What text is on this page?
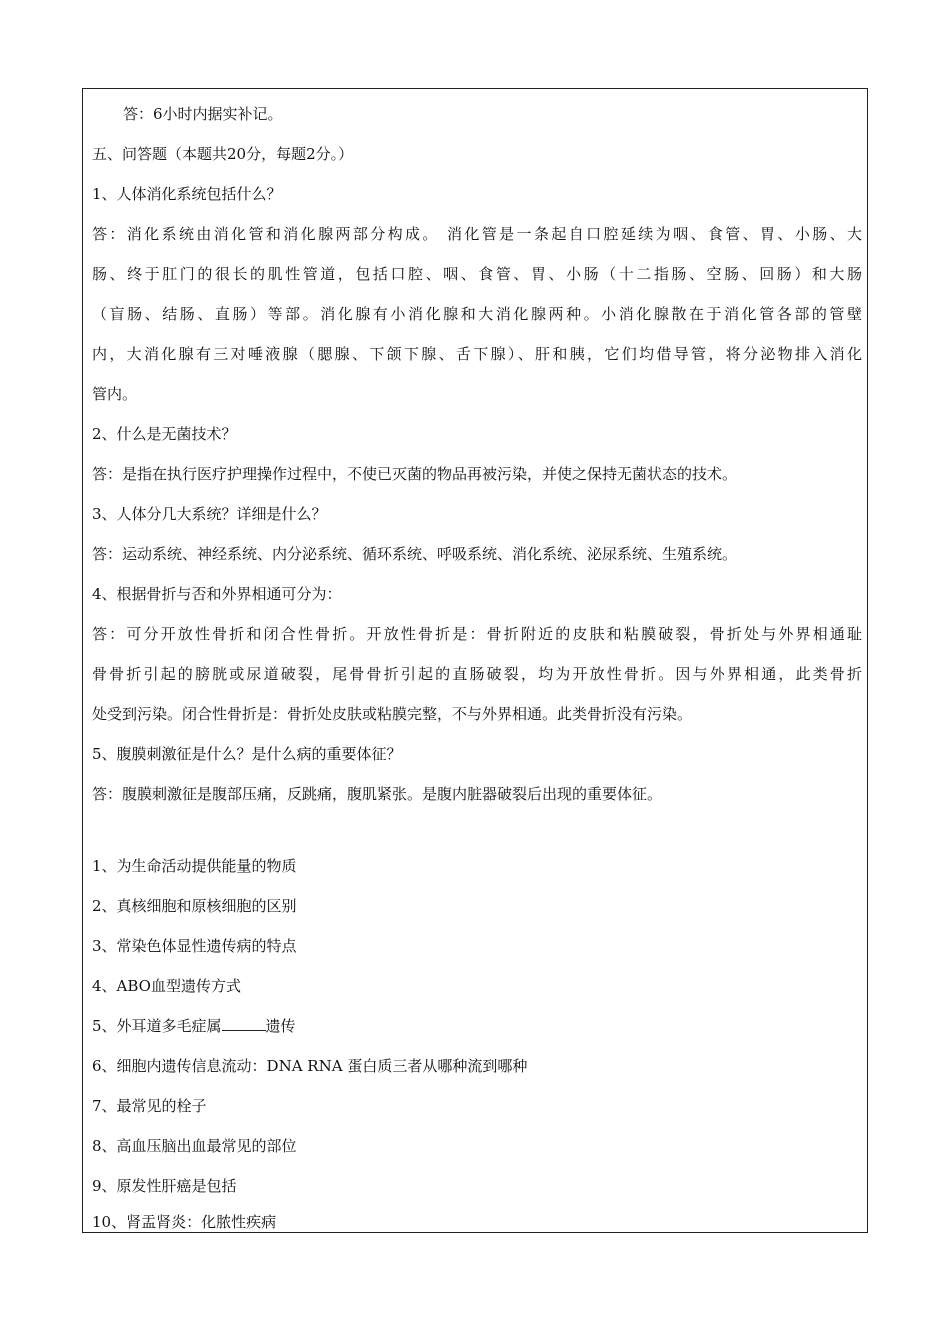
答：6小时内据实补记。
五、问答题（本题共20分，每题2分。）
1、人体消化系统包括什么？
答：消化系统由消化管和消化腺两部分构成。 消化管是一条起自口腔延续为咽、食管、胃、小肠、大
肠、终于肛门的很长的肌性管道，包括口腔、咽、食管、胃、小肠（十二指肠、空肠、回肠）和大肠
（盲肠、结肠、直肠）等部。消化腺有小消化腺和大消化腺两种。小消化腺散在于消化管各部的管壁
内，大消化腺有三对唾液腺（腮腺、下颌下腺、舌下腺）、肝和胰，它们均借导管，将分泌物排入消化
管内。
2、什么是无菌技术？
答：是指在执行医疗护理操作过程中，不使已灭菌的物品再被污染，并使之保持无菌状态的技术。
3、人体分几大系统？详细是什么？
答：运动系统、神经系统、内分泌系统、循环系统、呼吸系统、消化系统、泌尿系统、生殖系统。
4、根据骨折与否和外界相通可分为：
答：可分开放性骨折和闭合性骨折。开放性骨折是：骨折附近的皮肤和粘膜破裂，骨折处与外界相通耻
骨骨折引起的膀胱或尿道破裂，尾骨骨折引起的直肠破裂，均为开放性骨折。因与外界相通，此类骨折
处受到污染。闭合性骨折是：骨折处皮肤或粘膜完整，不与外界相通。此类骨折没有污染。
5、腹膜刺激征是什么？是什么病的重要体征？
答：腹膜刺激征是腹部压痛，反跳痛，腹肌紧张。是腹内脏器破裂后出现的重要体征。
1、为生命活动提供能量的物质
2、真核细胞和原核细胞的区别
3、常染色体显性遗传病的特点
4、ABO血型遗传方式
5、外耳道多毛症属	遗传
6、细胞内遗传信息流动：DNA RNA 蛋白质三者从哪种流到哪种
7、最常见的栓子
8、高血压脑出血最常见的部位
9、原发性肝癌是包括
10、肾盂肾炎：化脓性疾病
